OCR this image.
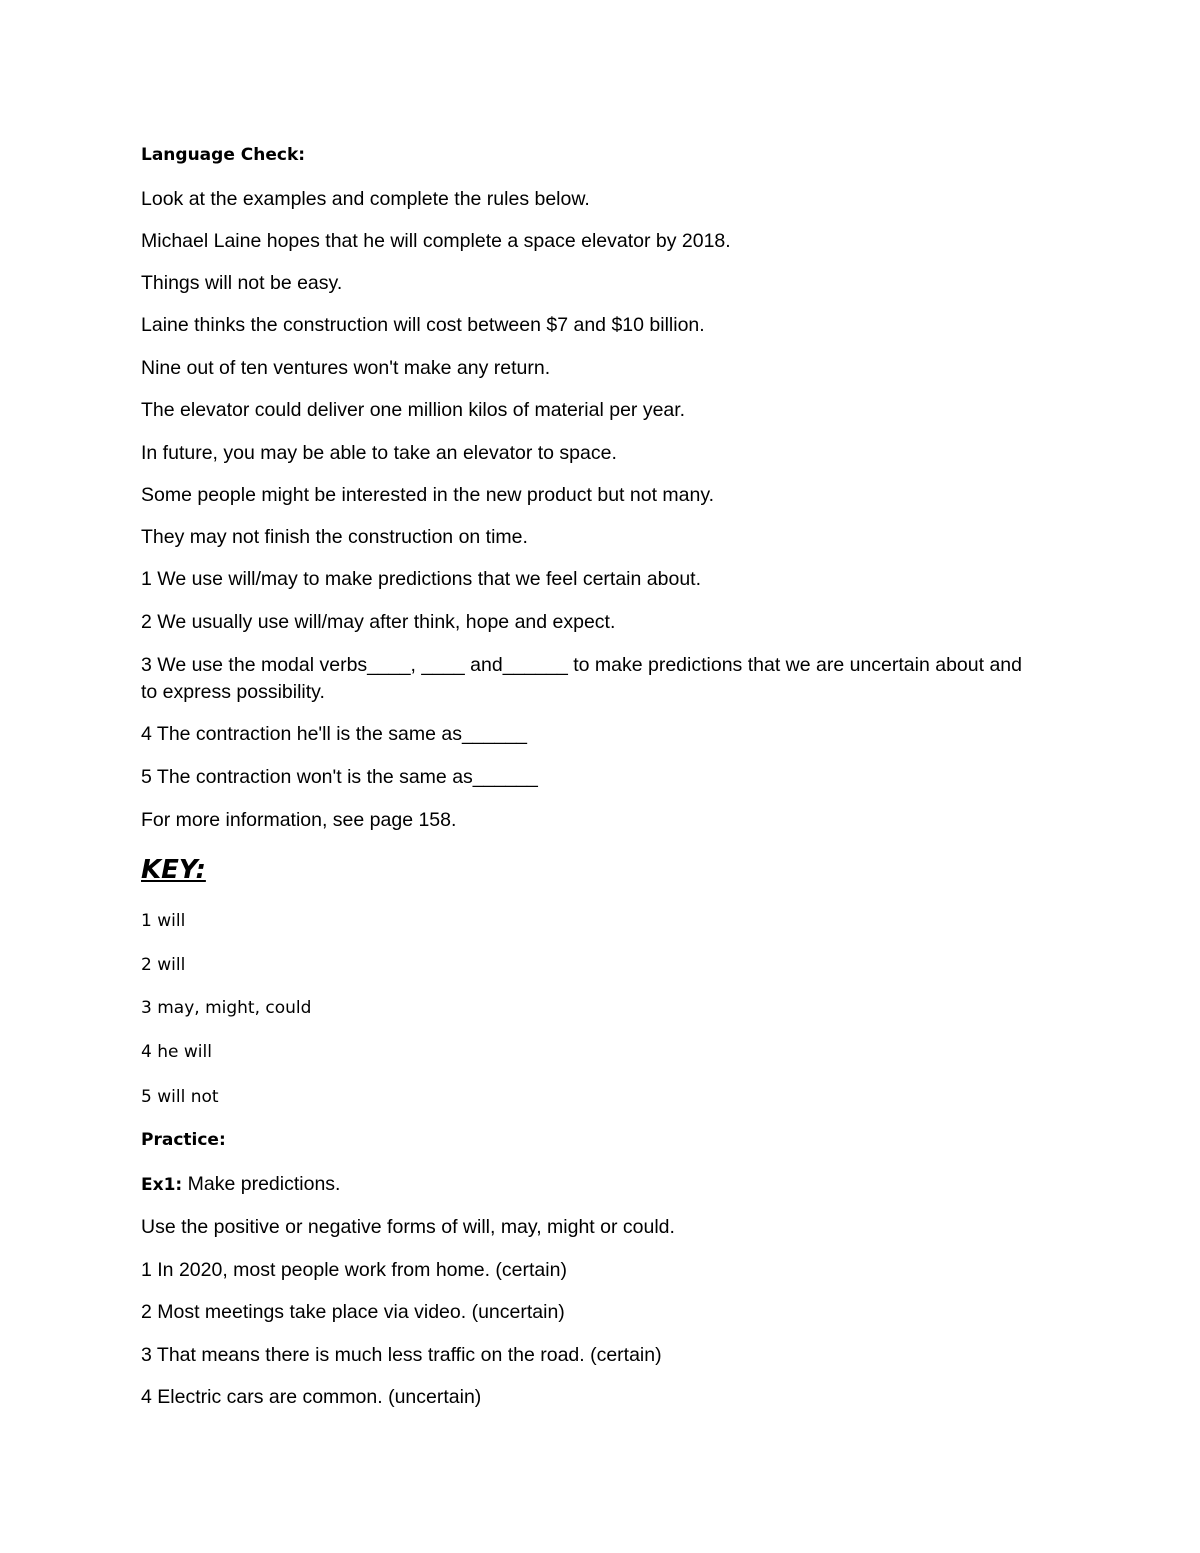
Language Check:
Look at the examples and complete the rules below.
Michael Laine hopes that he will complete a space elevator by 2018.
Things will not be easy.
Laine thinks the construction will cost between $7 and $10 billion.
Nine out of ten ventures won't make any return.
The elevator could deliver one million kilos of material per year.
In future, you may be able to take an elevator to space.
Some people might be interested in the new product but not many.
They may not finish the construction on time.
1 We use will/may to make predictions that we feel certain about.
2 We usually use will/may after think, hope and expect.
3 We use the modal verbs____, ____ and______ to make predictions that we are uncertain about and to express possibility.
4 The contraction he'll is the same as______
5 The contraction won't is the same as______
For more information, see page 158.
KEY:
1 will
2 will
3 may, might, could
4 he will
5 will not
Practice:
Ex1: Make predictions.
Use the positive or negative forms of will, may, might or could.
1 In 2020, most people work from home. (certain)
2 Most meetings take place via video. (uncertain)
3 That means there is much less traffic on the road. (certain)
4 Electric cars are common. (uncertain)
